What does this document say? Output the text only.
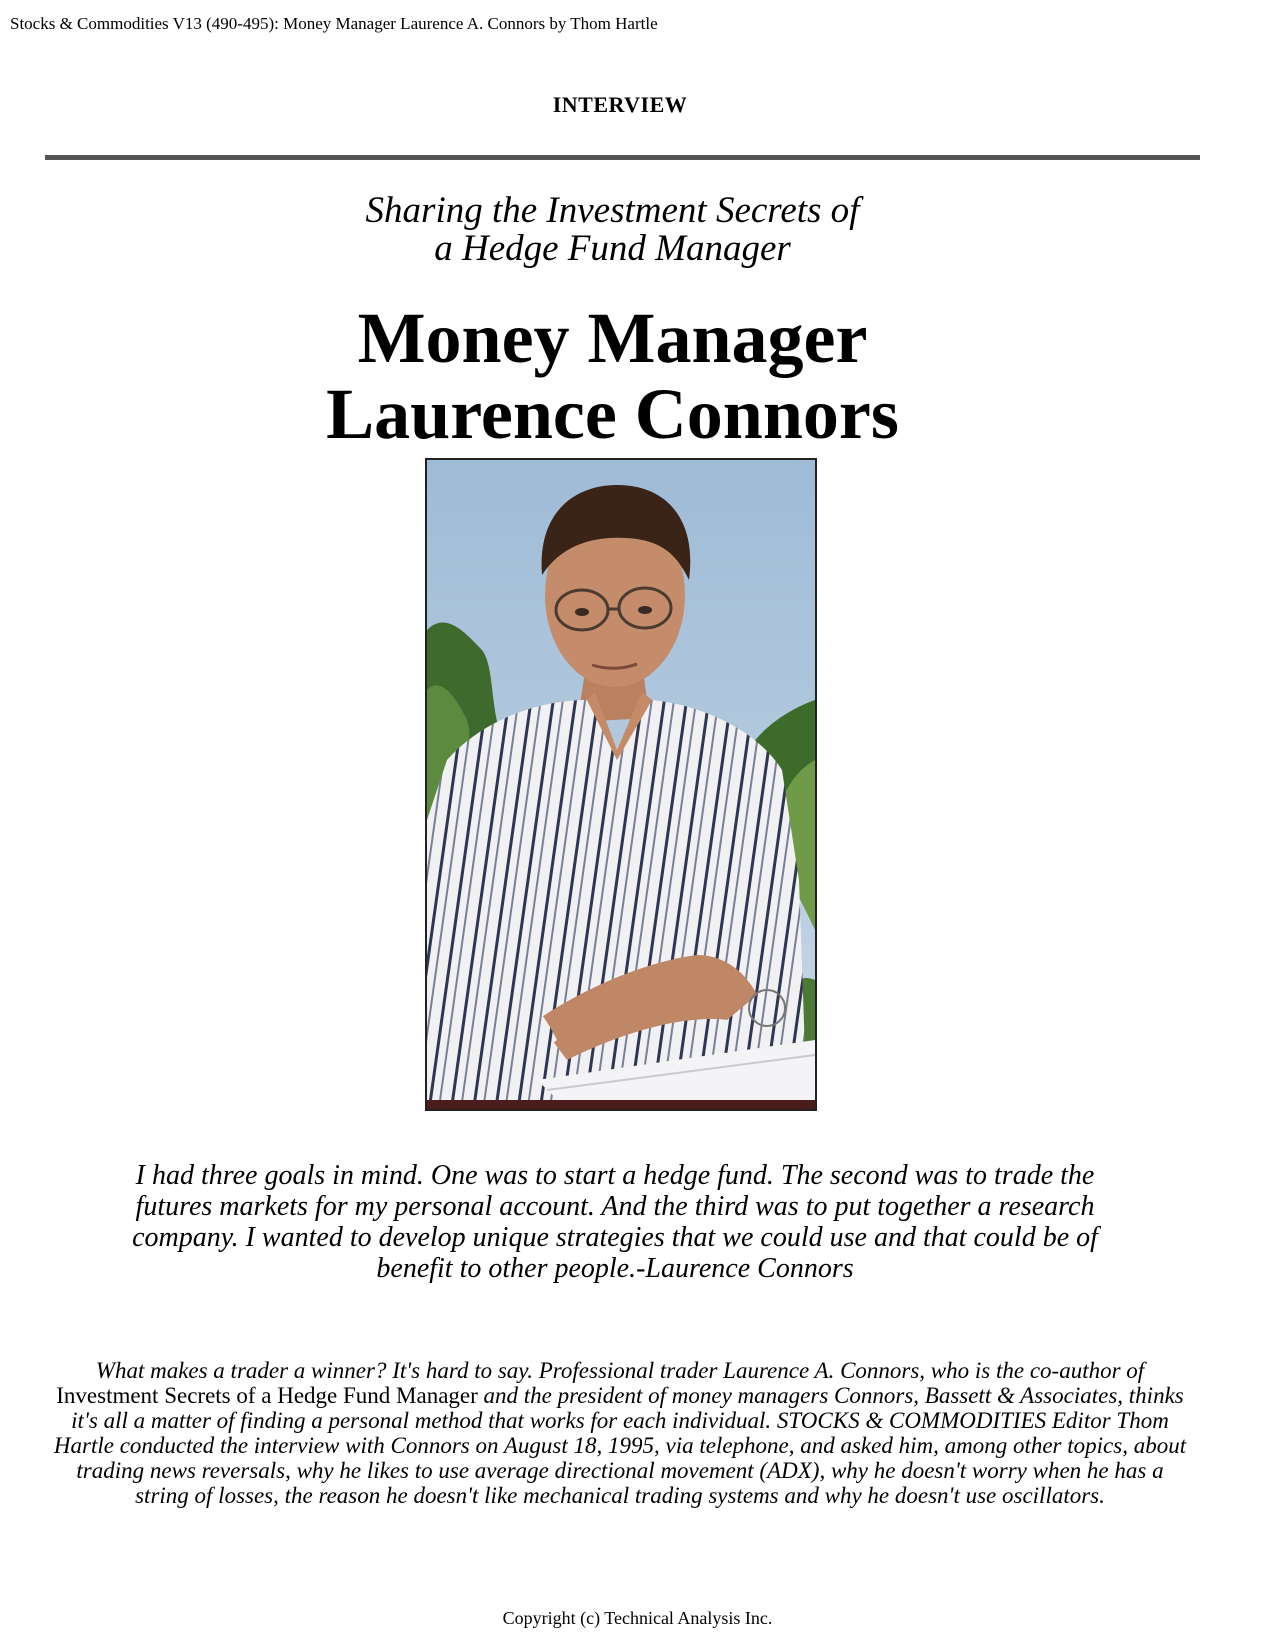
Stocks & Commodities V13 (490-495): Money Manager Laurence A. Connors by Thom Hartle
INTERVIEW
Sharing the Investment Secrets of
a Hedge Fund Manager
Money Manager
Laurence Connors
I had three goals in mind. One was to start a hedge fund. The second was to trade the futures markets for my personal account. And the third was to put together a research company. I wanted to develop unique strategies that we could use and that could be of benefit to other people.-Laurence Connors
What makes a trader a winner? It's hard to say. Professional trader Laurence A. Connors, who is the co-author of Investment Secrets of a Hedge Fund Manager and the president of money managers Connors, Bassett & Associates, thinks it's all a matter of finding a personal method that works for each individual. STOCKS & COMMODITIES Editor Thom Hartle conducted the interview with Connors on August 18, 1995, via telephone, and asked him, among other topics, about trading news reversals, why he likes to use average directional movement (ADX), why he doesn't worry when he has a string of losses, the reason he doesn't like mechanical trading systems and why he doesn't use oscillators.
Copyright (c) Technical Analysis Inc.
